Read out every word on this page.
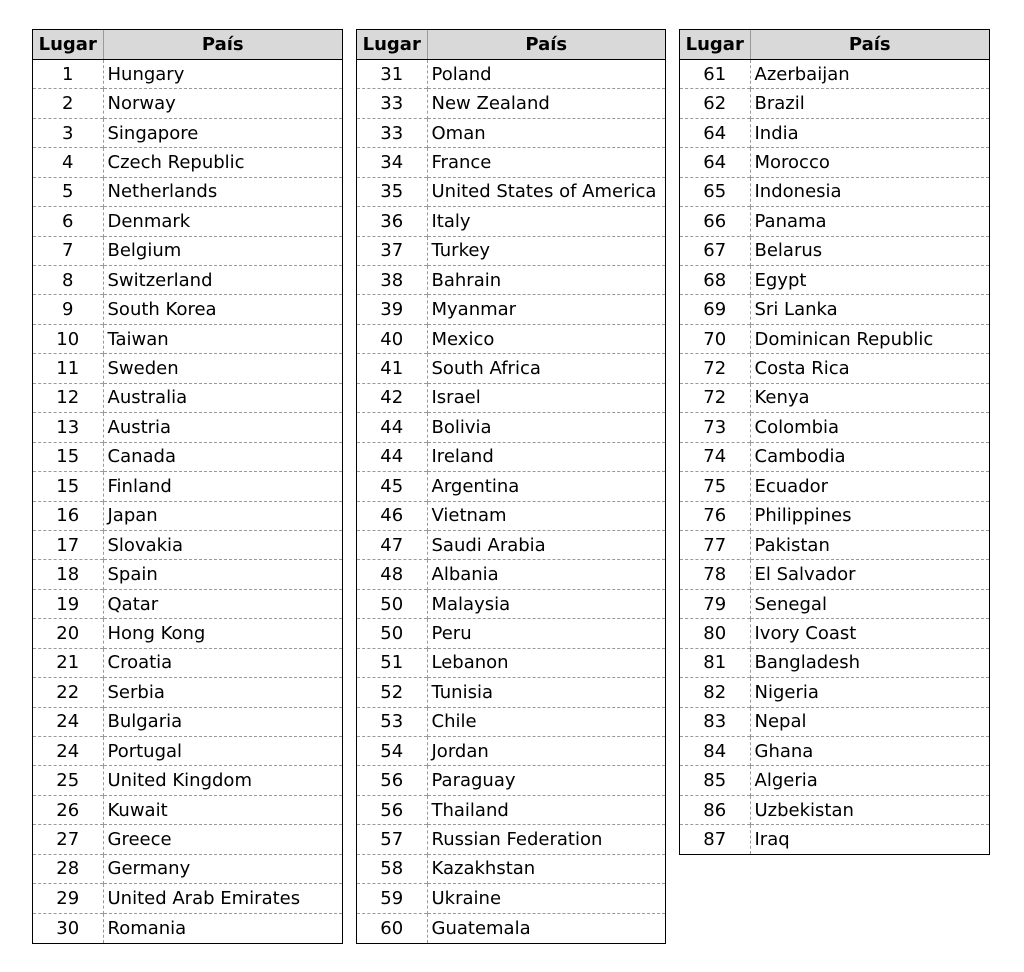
Lugar	País
1	Hungary
2	Norway
3	Singapore
4	Czech Republic
5	Netherlands
6	Denmark
7	Belgium
8	Switzerland
9	South Korea
10	Taiwan
11	Sweden
12	Australia
13	Austria
15	Canada
15	Finland
16	Japan
17	Slovakia
18	Spain
19	Qatar
20	Hong Kong
21	Croatia
22	Serbia
24	Bulgaria
24	Portugal
25	United Kingdom
26	Kuwait
27	Greece
28	Germany
29	United Arab Emirates
30	Romania
Lugar	País
31	Poland
33	New Zealand
33	Oman
34	France
35	United States of America
36	Italy
37	Turkey
38	Bahrain
39	Myanmar
40	Mexico
41	South Africa
42	Israel
44	Bolivia
44	Ireland
45	Argentina
46	Vietnam
47	Saudi Arabia
48	Albania
50	Malaysia
50	Peru
51	Lebanon
52	Tunisia
53	Chile
54	Jordan
56	Paraguay
56	Thailand
57	Russian Federation
58	Kazakhstan
59	Ukraine
60	Guatemala
Lugar	País
61	Azerbaijan
62	Brazil
64	India
64	Morocco
65	Indonesia
66	Panama
67	Belarus
68	Egypt
69	Sri Lanka
70	Dominican Republic
72	Costa Rica
72	Kenya
73	Colombia
74	Cambodia
75	Ecuador
76	Philippines
77	Pakistan
78	El Salvador
79	Senegal
80	Ivory Coast
81	Bangladesh
82	Nigeria
83	Nepal
84	Ghana
85	Algeria
86	Uzbekistan
87	Iraq
